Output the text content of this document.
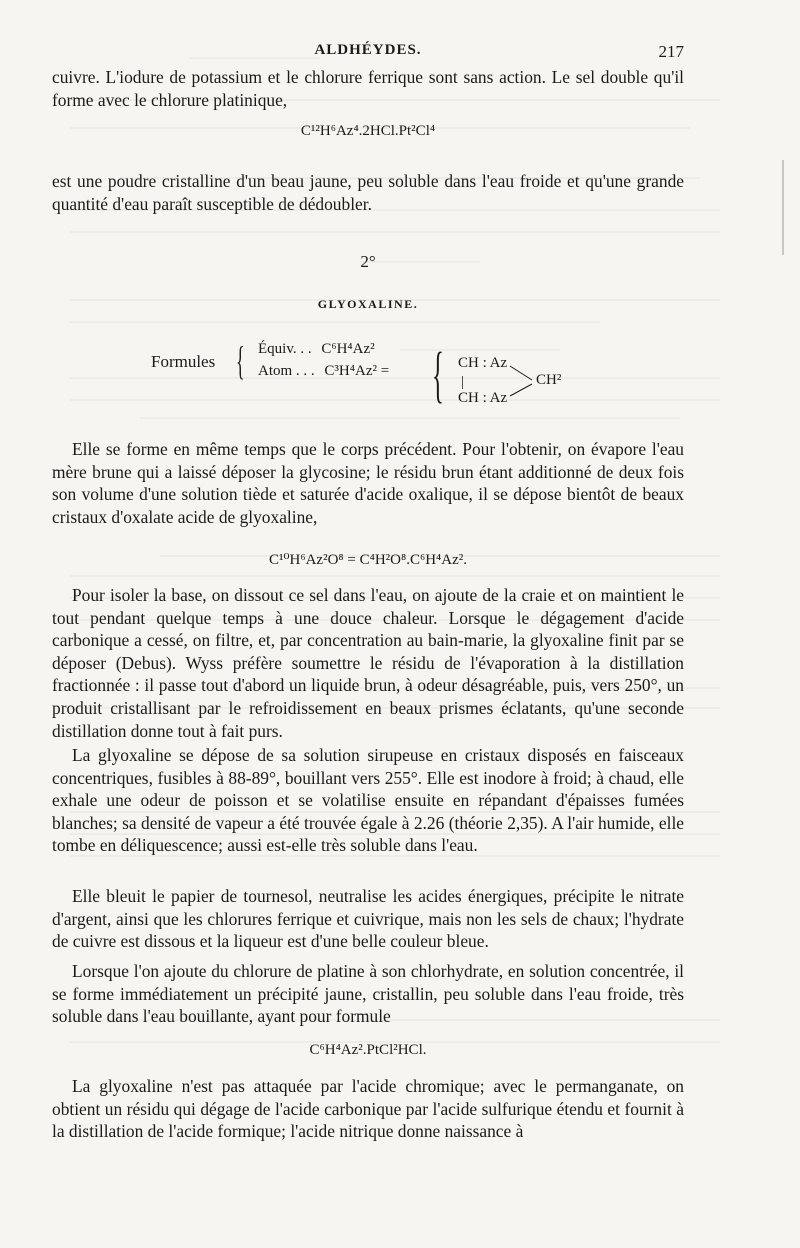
ALDHÉYDES.	217
cuivre. L'iodure de potassium et le chlorure ferrique sont sans action. Le sel double qu'il forme avec le chlorure platinique,
C¹²H⁶Az⁴.2HCl.Pt²Cl⁴
est une poudre cristalline d'un beau jaune, peu soluble dans l'eau froide et qu'une grande quantité d'eau paraît susceptible de dédoubler.
2°
GLYOXALINE.
Formules { Équiv. . . C⁶H⁴Az²
Atom . . . C³H⁴Az² = { CH : Az
|
CH : Az
CH²
Elle se forme en même temps que le corps précédent. Pour l'obtenir, on évapore l'eau mère brune qui a laissé déposer la glycosine; le résidu brun étant additionné de deux fois son volume d'une solution tiède et saturée d'acide oxalique, il se dépose bientôt de beaux cristaux d'oxalate acide de glyoxaline,
C¹⁰H⁶Az²O⁸ = C⁴H²O⁸.C⁶H⁴Az².
Pour isoler la base, on dissout ce sel dans l'eau, on ajoute de la craie et on maintient le tout pendant quelque temps à une douce chaleur. Lorsque le dégagement d'acide carbonique a cessé, on filtre, et, par concentration au bain-marie, la glyoxaline finit par se déposer (Debus). Wyss préfère soumettre le résidu de l'évaporation à la distillation fractionnée : il passe tout d'abord un liquide brun, à odeur désagréable, puis, vers 250°, un produit cristallisant par le refroidissement en beaux prismes éclatants, qu'une seconde distillation donne tout à fait purs.
La glyoxaline se dépose de sa solution sirupeuse en cristaux disposés en faisceaux concentriques, fusibles à 88-89°, bouillant vers 255°. Elle est inodore à froid; à chaud, elle exhale une odeur de poisson et se volatilise ensuite en répandant d'épaisses fumées blanches; sa densité de vapeur a été trouvée égale à 2.26 (théorie 2,35). A l'air humide, elle tombe en déliquescence; aussi est-elle très soluble dans l'eau.
Elle bleuit le papier de tournesol, neutralise les acides énergiques, précipite le nitrate d'argent, ainsi que les chlorures ferrique et cuivrique, mais non les sels de chaux; l'hydrate de cuivre est dissous et la liqueur est d'une belle couleur bleue.
Lorsque l'on ajoute du chlorure de platine à son chlorhydrate, en solution concentrée, il se forme immédiatement un précipité jaune, cristallin, peu soluble dans l'eau froide, très soluble dans l'eau bouillante, ayant pour formule
C⁶H⁴Az².PtCl²HCl.
La glyoxaline n'est pas attaquée par l'acide chromique; avec le permanganate, on obtient un résidu qui dégage de l'acide carbonique par l'acide sulfurique étendu et fournit à la distillation de l'acide formique; l'acide nitrique donne naissance à
